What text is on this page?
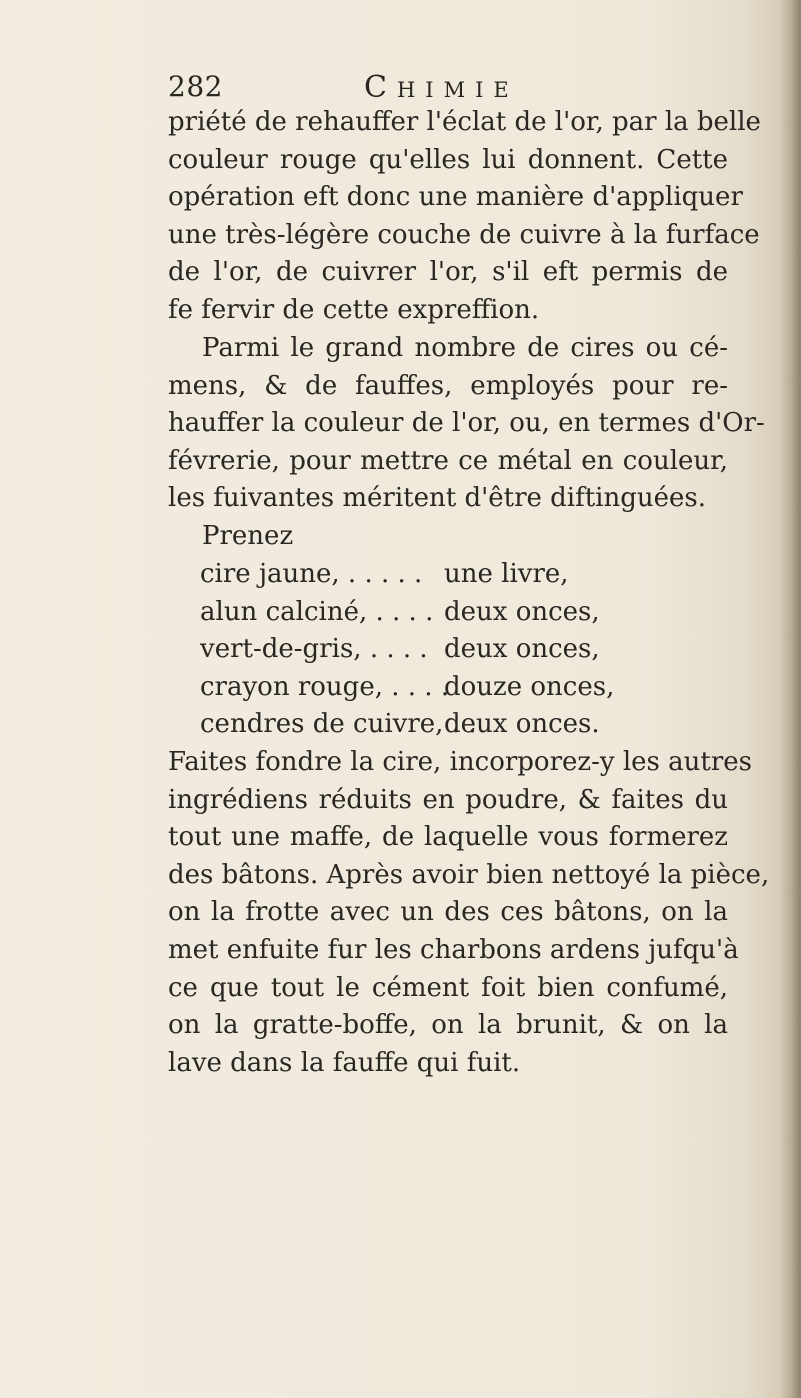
282	Chimie
priété de rehauffer l'éclat de l'or, par la belle
couleur rouge qu'elles lui donnent. Cette
opération eft donc une manière d'appliquer
une très-légère couche de cuivre à la furface
de l'or, de cuivrer l'or, s'il eft permis de
fe fervir de cette expreffion.
Parmi le grand nombre de cires ou cé-
mens, & de fauffes, employés pour re-
hauffer la couleur de l'or, ou, en termes d'Or-
févrerie, pour mettre ce métal en couleur,
les fuivantes méritent d'être diftinguées.
Prenez
cire jaune, . . . . . une livre,
alun calciné, . . . . deux onces,
vert-de-gris, . . . . deux onces,
crayon rouge, . . . .
douze onces,
cendres de cuivre, . .
deux onces.
Faites fondre la cire, incorporez-y les autres
ingrédiens réduits en poudre, & faites du
tout une maffe, de laquelle vous formerez
des bâtons. Après avoir bien nettoyé la pièce,
on la frotte avec un des ces bâtons, on la
met enfuite fur les charbons ardens jufqu'à
ce que tout le cément foit bien confumé,
on la gratte-boffe, on la brunit, & on la
lave dans la fauffe qui fuit.
